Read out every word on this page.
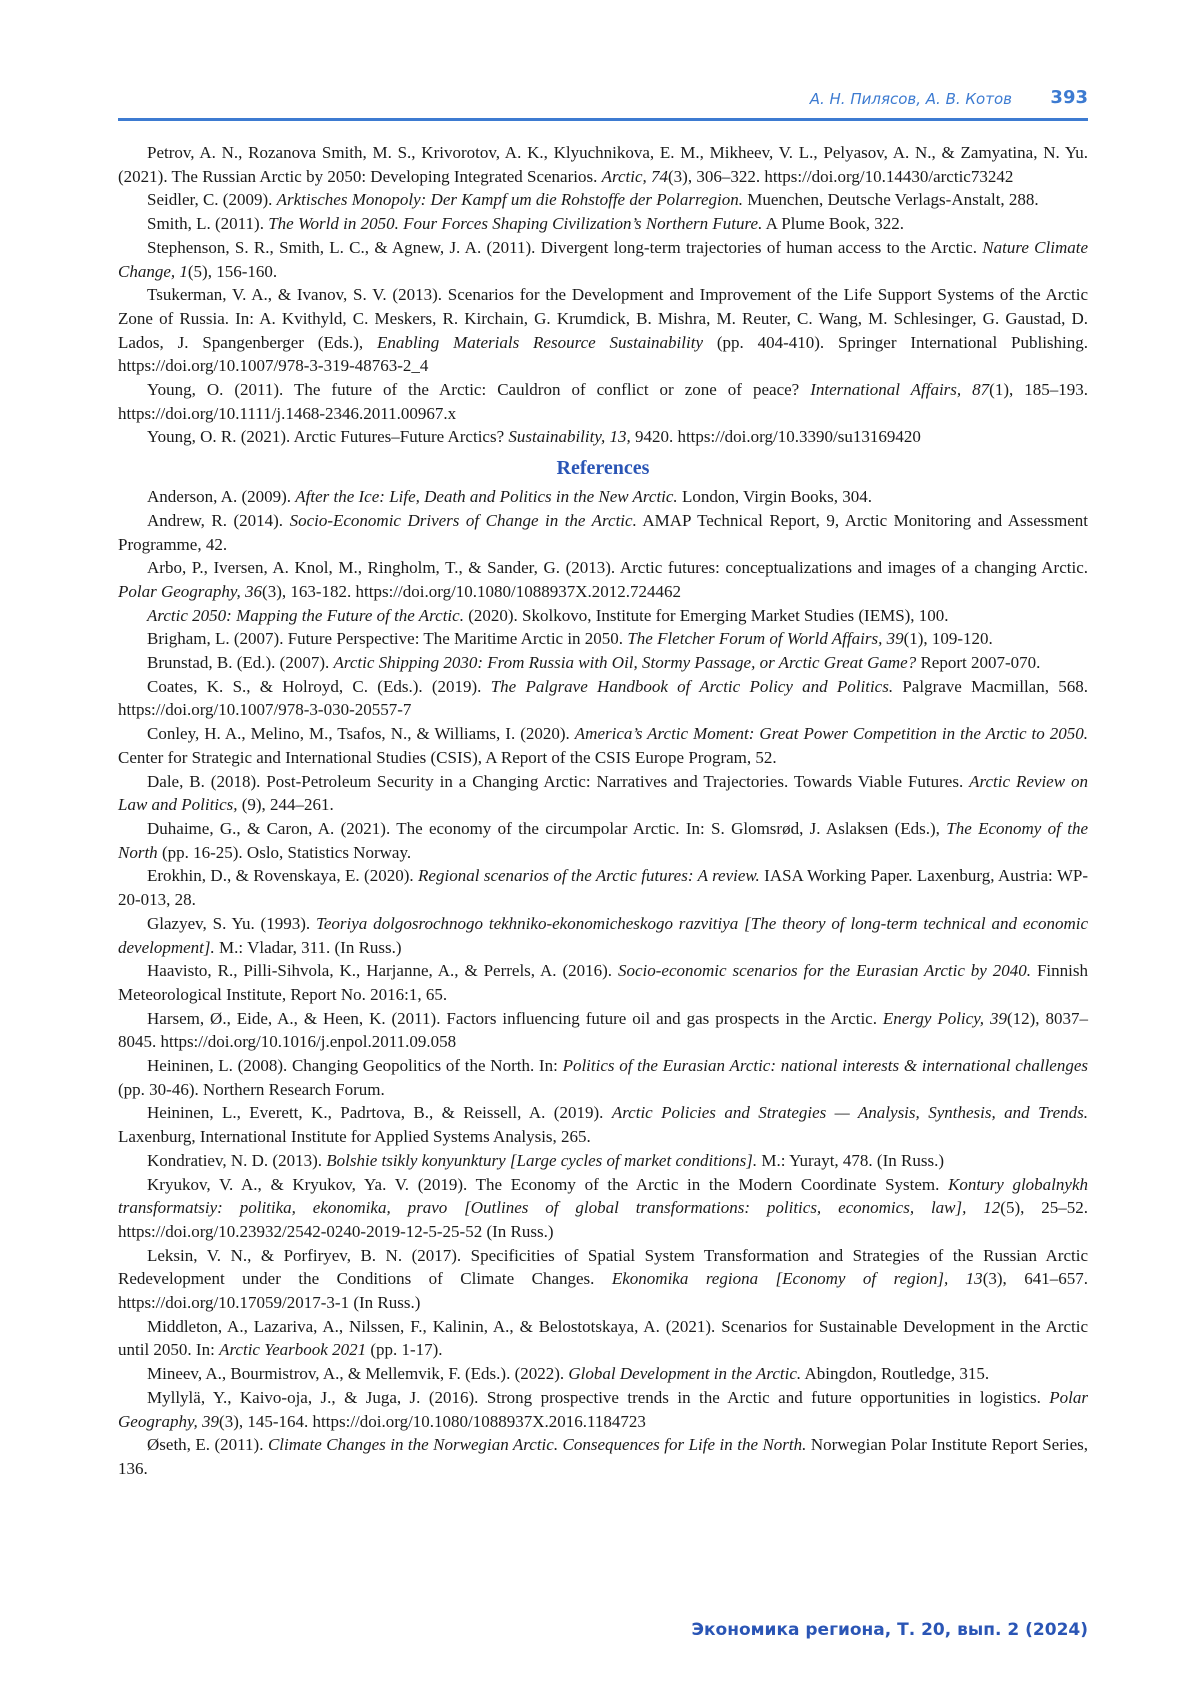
А. Н. Пилясов, А. В. Котов 393

Petrov, A. N., Rozanova Smith, M. S., Krivorotov, A. K., Klyuchnikova, E. M., Mikheev, V. L., Pelyasov, A. N., & Zamyatina, N. Yu. (2021). The Russian Arctic by 2050: Developing Integrated Scenarios. Arctic, 74(3), 306–322. https://doi.org/10.14430/arctic73242

Seidler, C. (2009). Arktisches Monopoly: Der Kampf um die Rohstoffe der Polarregion. Muenchen, Deutsche Verlags-Anstalt, 288.

Smith, L. (2011). The World in 2050. Four Forces Shaping Civilization’s Northern Future. A Plume Book, 322.

Stephenson, S. R., Smith, L. C., & Agnew, J. A. (2011). Divergent long-term trajectories of human access to the Arctic. Nature Climate Change, 1(5), 156-160.

Tsukerman, V. A., & Ivanov, S. V. (2013). Scenarios for the Development and Improvement of the Life Support Systems of the Arctic Zone of Russia. In: A. Kvithyld, C. Meskers, R. Kirchain, G. Krumdick, B. Mishra, M. Reuter, C. Wang, M. Schlesinger, G. Gaustad, D. Lados, J. Spangenberger (Eds.), Enabling Materials Resource Sustainability (pp. 404-410). Springer International Publishing. https://doi.org/10.1007/978-3-319-48763-2_4

Young, O. (2011). The future of the Arctic: Cauldron of conflict or zone of peace? International Affairs, 87(1), 185–193. https://doi.org/10.1111/j.1468-2346.2011.00967.x

Young, O. R. (2021). Arctic Futures–Future Arctics? Sustainability, 13, 9420. https://doi.org/10.3390/su13169420

References

Anderson, A. (2009). After the Ice: Life, Death and Politics in the New Arctic. London, Virgin Books, 304.

Andrew, R. (2014). Socio-Economic Drivers of Change in the Arctic. AMAP Technical Report, 9, Arctic Monitoring and Assessment Programme, 42.

Arbo, P., Iversen, A. Knol, M., Ringholm, T., & Sander, G. (2013). Arctic futures: conceptualizations and images of a changing Arctic. Polar Geography, 36(3), 163-182. https://doi.org/10.1080/1088937X.2012.724462

Arctic 2050: Mapping the Future of the Arctic. (2020). Skolkovo, Institute for Emerging Market Studies (IEMS), 100.

Brigham, L. (2007). Future Perspective: The Maritime Arctic in 2050. The Fletcher Forum of World Affairs, 39(1), 109-120.

Brunstad, B. (Ed.). (2007). Arctic Shipping 2030: From Russia with Oil, Stormy Passage, or Arctic Great Game? Report 2007-070.

Coates, K. S., & Holroyd, C. (Eds.). (2019). The Palgrave Handbook of Arctic Policy and Politics. Palgrave Macmillan, 568. https://doi.org/10.1007/978-3-030-20557-7

Conley, H. A., Melino, M., Tsafos, N., & Williams, I. (2020). America’s Arctic Moment: Great Power Competition in the Arctic to 2050. Center for Strategic and International Studies (CSIS), A Report of the CSIS Europe Program, 52.

Dale, B. (2018). Post-Petroleum Security in a Changing Arctic: Narratives and Trajectories. Towards Viable Futures. Arctic Review on Law and Politics, (9), 244–261.

Duhaime, G., & Caron, A. (2021). The economy of the circumpolar Arctic. In: S. Glomsrød, J. Aslaksen (Eds.), The Economy of the North (pp. 16-25). Oslo, Statistics Norway.

Erokhin, D., & Rovenskaya, E. (2020). Regional scenarios of the Arctic futures: A review. IASA Working Paper. Laxenburg, Austria: WP-20-013, 28.

Glazyev, S. Yu. (1993). Teoriya dolgosrochnogo tekhniko-ekonomicheskogo razvitiya [The theory of long-term technical and economic development]. M.: Vladar, 311. (In Russ.)

Haavisto, R., Pilli-Sihvola, K., Harjanne, A., & Perrels, A. (2016). Socio-economic scenarios for the Eurasian Arctic by 2040. Finnish Meteorological Institute, Report No. 2016:1, 65.

Harsem, Ø., Eide, A., & Heen, K. (2011). Factors influencing future oil and gas prospects in the Arctic. Energy Policy, 39(12), 8037–8045. https://doi.org/10.1016/j.enpol.2011.09.058

Heininen, L. (2008). Changing Geopolitics of the North. In: Politics of the Eurasian Arctic: national interests & international challenges (pp. 30-46). Northern Research Forum.

Heininen, L., Everett, K., Padrtova, B., & Reissell, A. (2019). Arctic Policies and Strategies — Analysis, Synthesis, and Trends. Laxenburg, International Institute for Applied Systems Analysis, 265.

Kondratiev, N. D. (2013). Bolshie tsikly konyunktury [Large cycles of market conditions]. M.: Yurayt, 478. (In Russ.)

Kryukov, V. A., & Kryukov, Ya. V. (2019). The Economy of the Arctic in the Modern Coordinate System. Kontury globalnykh transformatsiy: politika, ekonomika, pravo [Outlines of global transformations: politics, economics, law], 12(5), 25–52. https://doi.org/10.23932/2542-0240-2019-12-5-25-52 (In Russ.)

Leksin, V. N., & Porfiryev, B. N. (2017). Specificities of Spatial System Transformation and Strategies of the Russian Arctic Redevelopment under the Conditions of Climate Changes. Ekonomika regiona [Economy of region], 13(3), 641–657. https://doi.org/10.17059/2017-3-1 (In Russ.)

Middleton, A., Lazariva, A., Nilssen, F., Kalinin, A., & Belostotskaya, A. (2021). Scenarios for Sustainable Development in the Arctic until 2050. In: Arctic Yearbook 2021 (pp. 1-17).

Mineev, A., Bourmistrov, A., & Mellemvik, F. (Eds.). (2022). Global Development in the Arctic. Abingdon, Routledge, 315.

Myllylä, Y., Kaivo-oja, J., & Juga, J. (2016). Strong prospective trends in the Arctic and future opportunities in logistics. Polar Geography, 39(3), 145-164. https://doi.org/10.1080/1088937X.2016.1184723

Øseth, E. (2011). Climate Changes in the Norwegian Arctic. Consequences for Life in the North. Norwegian Polar Institute Report Series, 136.

Экономика региона, Т. 20, вып. 2 (2024)
